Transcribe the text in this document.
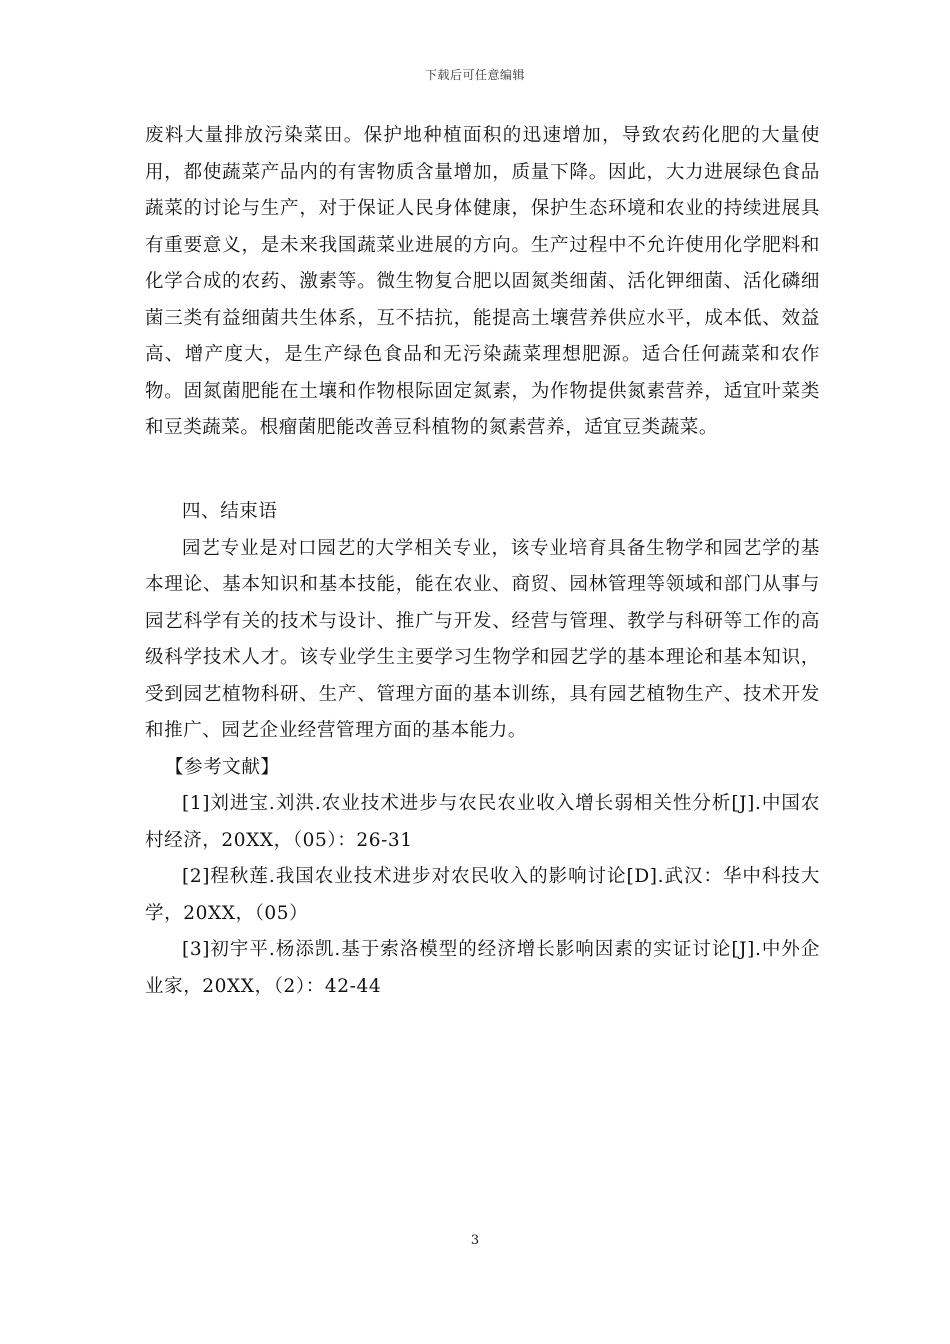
下载后可任意编辑

废料大量排放污染菜田。保护地种植面积的迅速增加，导致农药化肥的大量使用，都使蔬菜产品内的有害物质含量增加，质量下降。因此，大力进展绿色食品蔬菜的讨论与生产，对于保证人民身体健康，保护生态环境和农业的持续进展具有重要意义，是未来我国蔬菜业进展的方向。生产过程中不允许使用化学肥料和化学合成的农药、激素等。微生物复合肥以固氮类细菌、活化钾细菌、活化磷细菌三类有益细菌共生体系，互不拮抗，能提高土壤营养供应水平，成本低、效益高、增产度大，是生产绿色食品和无污染蔬菜理想肥源。适合任何蔬菜和农作物。固氮菌肥能在土壤和作物根际固定氮素，为作物提供氮素营养，适宜叶菜类和豆类蔬菜。根瘤菌肥能改善豆科植物的氮素营养，适宜豆类蔬菜。

四、结束语

园艺专业是对口园艺的大学相关专业，该专业培育具备生物学和园艺学的基本理论、基本知识和基本技能，能在农业、商贸、园林管理等领域和部门从事与园艺科学有关的技术与设计、推广与开发、经营与管理、教学与科研等工作的高级科学技术人才。该专业学生主要学习生物学和园艺学的基本理论和基本知识，受到园艺植物科研、生产、管理方面的基本训练，具有园艺植物生产、技术开发和推广、园艺企业经营管理方面的基本能力。

【参考文献】

[1]刘进宝.刘洪.农业技术进步与农民农业收入增长弱相关性分析[J].中国农村经济，20XX，（05）：26-31

[2]程秋莲.我国农业技术进步对农民收入的影响讨论[D].武汉：华中科技大学，20XX，（05）

[3]初宇平.杨添凯.基于索洛模型的经济增长影响因素的实证讨论[J].中外企业家，20XX，（2）：42-44

3
